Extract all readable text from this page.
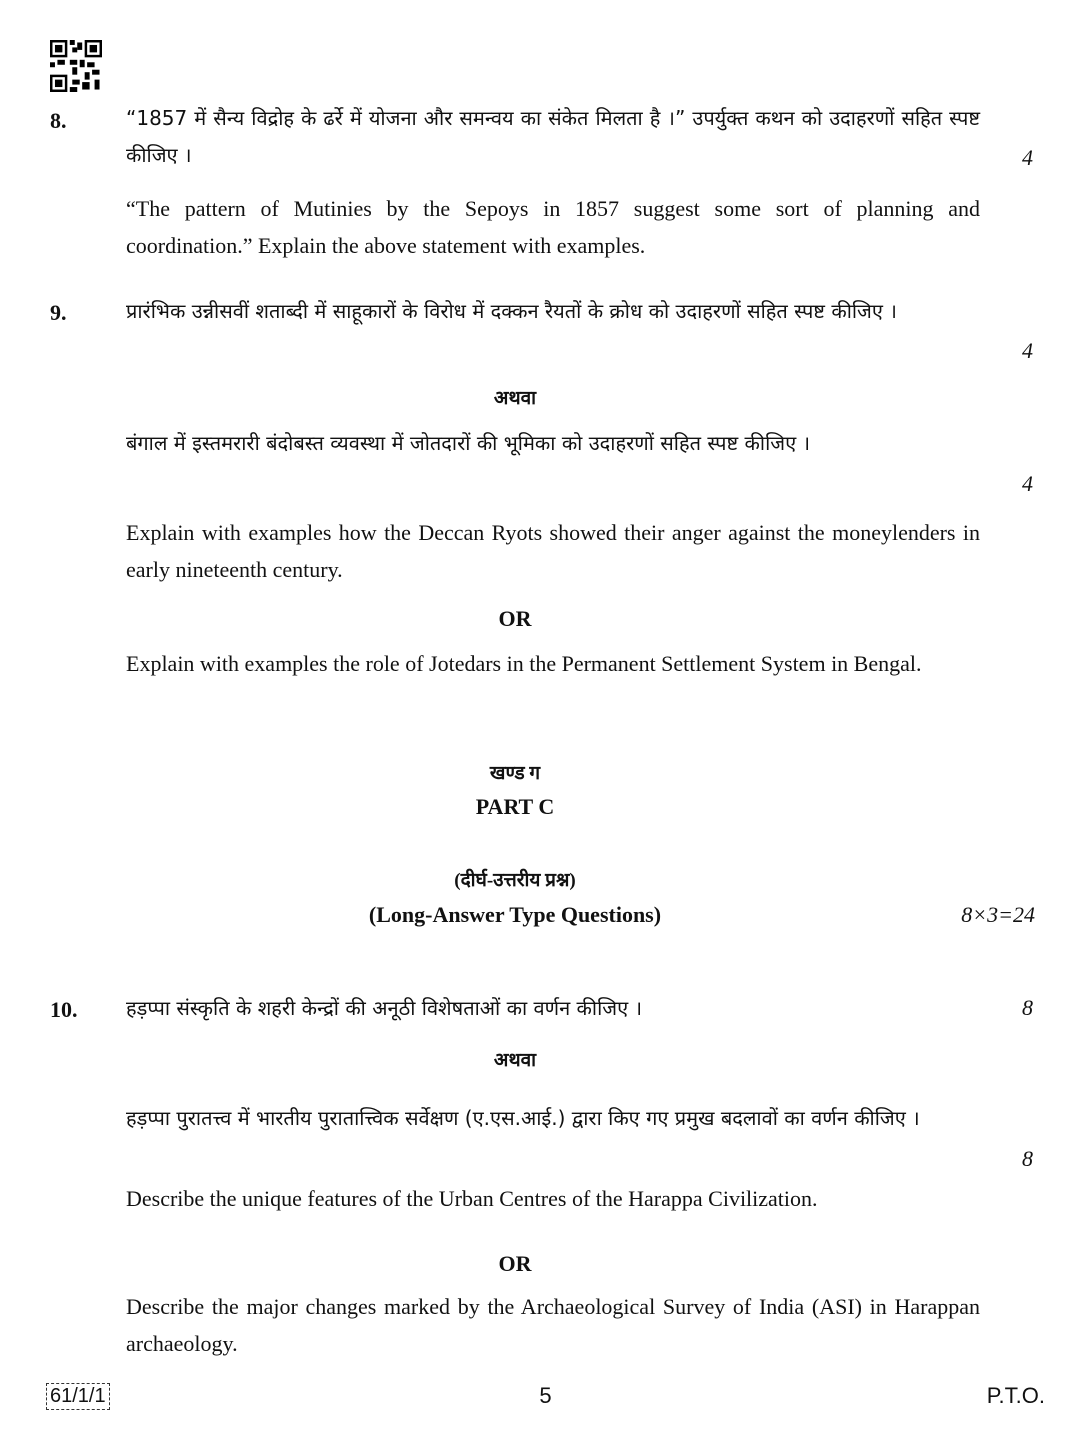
8.	“1857 में सैन्य विद्रोह के ढर्रे में योजना और समन्वय का संकेत मिलता है ।” उपर्युक्त कथन को उदाहरणों सहित स्पष्ट कीजिए ।	4
“The pattern of Mutinies by the Sepoys in 1857 suggest some sort of planning and coordination.” Explain the above statement with examples.
9.	प्रारंभिक उन्नीसवीं शताब्दी में साहूकारों के विरोध में दक्कन रैयतों के क्रोध को उदाहरणों सहित स्पष्ट कीजिए ।
4
अथवा
बंगाल में इस्तमरारी बंदोबस्त व्यवस्था में जोतदारों की भूमिका को उदाहरणों सहित स्पष्ट कीजिए ।
4
Explain with examples how the Deccan Ryots showed their anger against the moneylenders in early nineteenth century.
OR
Explain with examples the role of Jotedars in the Permanent Settlement System in Bengal.
खण्ड ग
PART C
(दीर्घ-उत्तरीय प्रश्न)
(Long-Answer Type Questions)	8×3=24
10. हड़प्पा संस्कृति के शहरी केन्द्रों की अनूठी विशेषताओं का वर्णन कीजिए ।	8
अथवा
हड़प्पा पुरातत्त्व में भारतीय पुरातात्त्विक सर्वेक्षण (ए.एस.आई.) द्वारा किए गए प्रमुख बदलावों का वर्णन कीजिए ।
8
Describe the unique features of the Urban Centres of the Harappa Civilization.
OR
Describe the major changes marked by the Archaeological Survey of India (ASI) in Harappan archaeology.
61/1/1	5	P.T.O.
